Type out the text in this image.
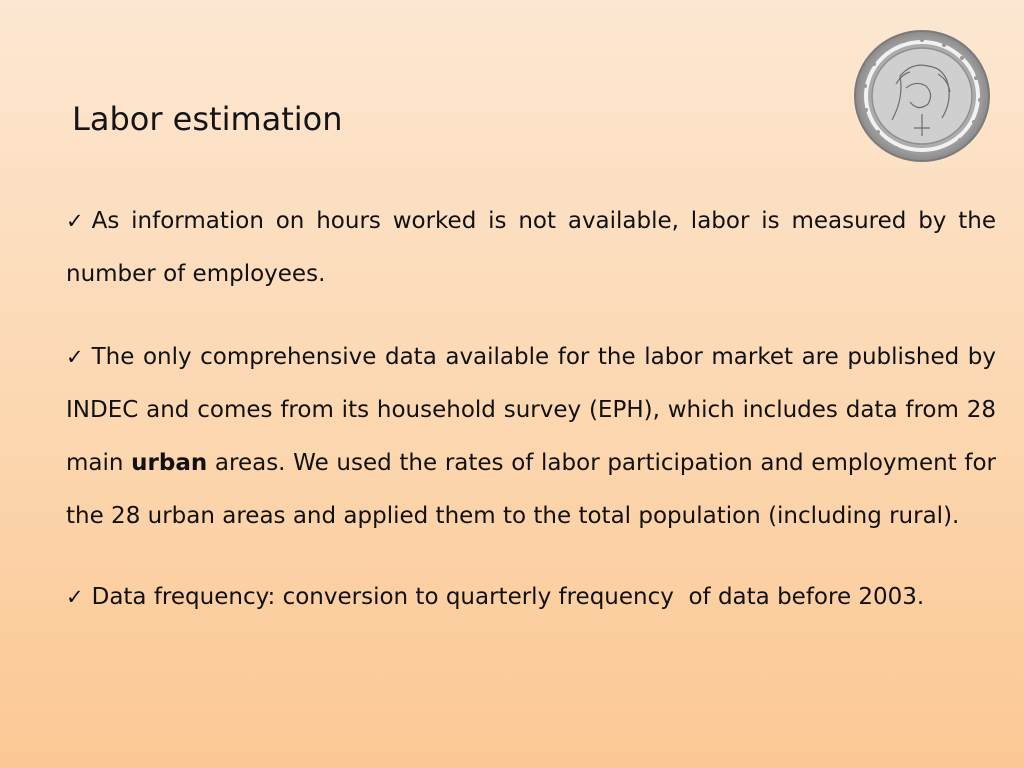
Labor estimation

✓ As information on hours worked is not available, labor is measured by the number of employees.

✓ The only comprehensive data available for the labor market are published by INDEC and comes from its household survey (EPH), which includes data from 28 main urban areas. We used the rates of labor participation and employment for the 28 urban areas and applied them to the total population (including rural).

✓ Data frequency: conversion to quarterly frequency  of data before 2003.
